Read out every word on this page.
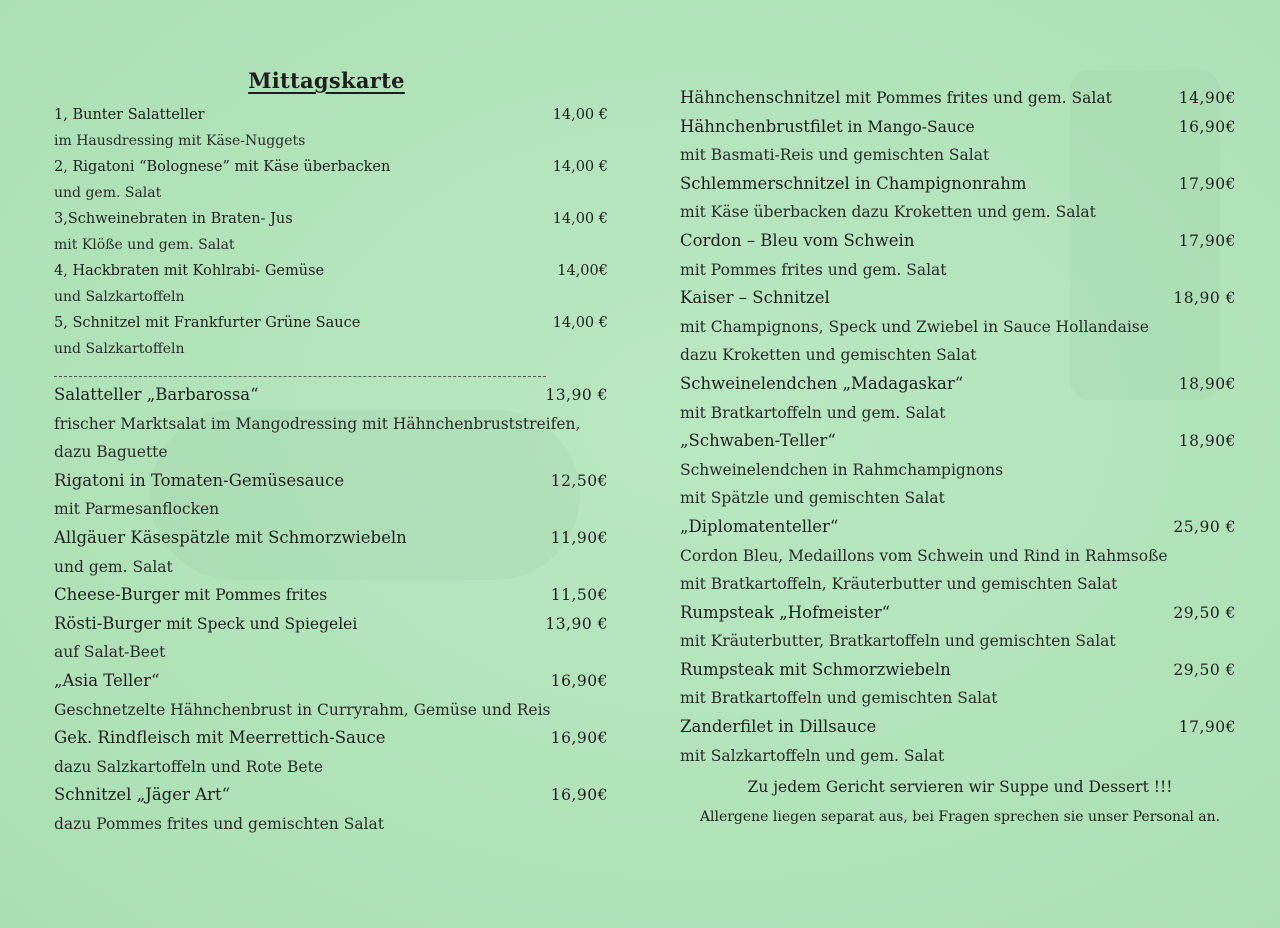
Mittagskarte
1, Bunter Salatteller	14,00 €
im Hausdressing mit Käse-Nuggets
2, Rigatoni “Bolognese” mit Käse überbacken	14,00 €
und gem. Salat
3,Schweinebraten in Braten- Jus	14,00 €
mit Klöße und gem. Salat
4, Hackbraten mit Kohlrabi- Gemüse	14,00€
und Salzkartoffeln
5, Schnitzel mit Frankfurter Grüne Sauce	14,00 €
und Salzkartoffeln
Salatteller „Barbarossa“	13,90 €
frischer Marktsalat im Mangodressing mit Hähnchenbruststreifen,
dazu Baguette
Rigatoni in Tomaten-Gemüsesauce	12,50€
mit Parmesanflocken
Allgäuer Käsespätzle mit Schmorzwiebeln	11,90€
und gem. Salat
Cheese-Burger mit Pommes frites	11,50€
Rösti-Burger mit Speck und Spiegelei	13,90 €
auf Salat-Beet
„Asia Teller“	16,90€
Geschnetzelte Hähnchenbrust in Curryrahm, Gemüse und Reis
Gek. Rindfleisch mit Meerrettich-Sauce	16,90€
dazu Salzkartoffeln und Rote Bete
Schnitzel „Jäger Art“	16,90€
dazu Pommes frites und gemischten Salat
Hähnchenschnitzel mit Pommes frites und gem. Salat	14,90€
Hähnchenbrustfilet in Mango-Sauce	16,90€
mit Basmati-Reis und gemischten Salat
Schlemmerschnitzel in Champignonrahm	17,90€
mit Käse überbacken dazu Kroketten und gem. Salat
Cordon – Bleu vom Schwein	17,90€
mit Pommes frites und gem. Salat
Kaiser – Schnitzel	18,90 €
mit Champignons, Speck und Zwiebel in Sauce Hollandaise
dazu Kroketten und gemischten Salat
Schweinelendchen „Madagaskar“	18,90€
mit Bratkartoffeln und gem. Salat
„Schwaben-Teller“	18,90€
Schweinelendchen in Rahmchampignons
mit Spätzle und gemischten Salat
„Diplomatenteller“	25,90 €
Cordon Bleu, Medaillons vom Schwein und Rind in Rahmsoße
mit Bratkartoffeln, Kräuterbutter und gemischten Salat
Rumpsteak „Hofmeister“	29,50 €
mit Kräuterbutter, Bratkartoffeln und gemischten Salat
Rumpsteak mit Schmorzwiebeln	29,50 €
mit Bratkartoffeln und gemischten Salat
Zanderfilet in Dillsauce	17,90€
mit Salzkartoffeln und gem. Salat
Zu jedem Gericht servieren wir Suppe und Dessert !!!
Allergene liegen separat aus, bei Fragen sprechen sie unser Personal an.
